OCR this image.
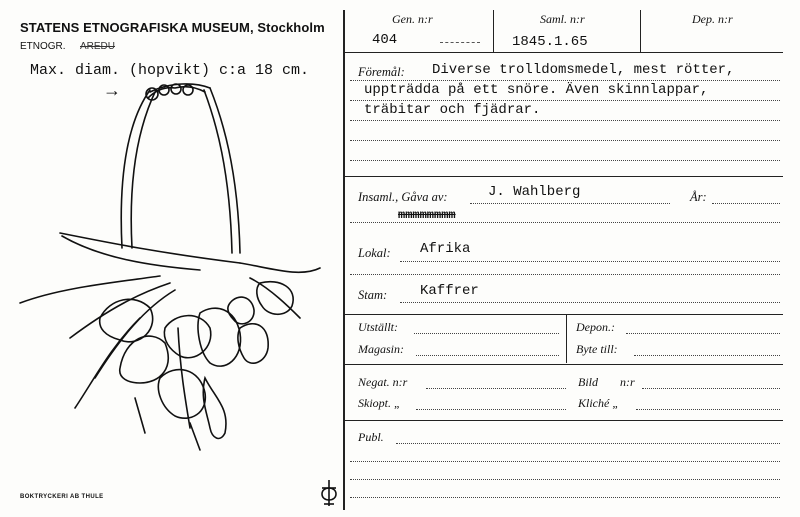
STATENS ETNOGRAFISKA MUSEUM, Stockholm
ETNOGR. AREDU
Max. diam. (hopvikt) c:a 18 cm.
→
BOKTRYCKERI AB THULE
Gen. n:r
404
Saml. n:r
1845.1.65
Dep. n:r
Föremål: Diverse trolldomsmedel, mest rötter,
uppträdda på ett snöre. Även skinnlappar,
träbitar och fjädrar.
Insaml., Gåva av:	J. Wahlberg	År:
mmmmmmmm
Lokal: Afrika
Stam: Kaffrer
Utställt:	Depon.:
Magasin:	Byte till:
Negat. n:r	Bild n:r
Skiopt. „	Kliché „
Publ.
